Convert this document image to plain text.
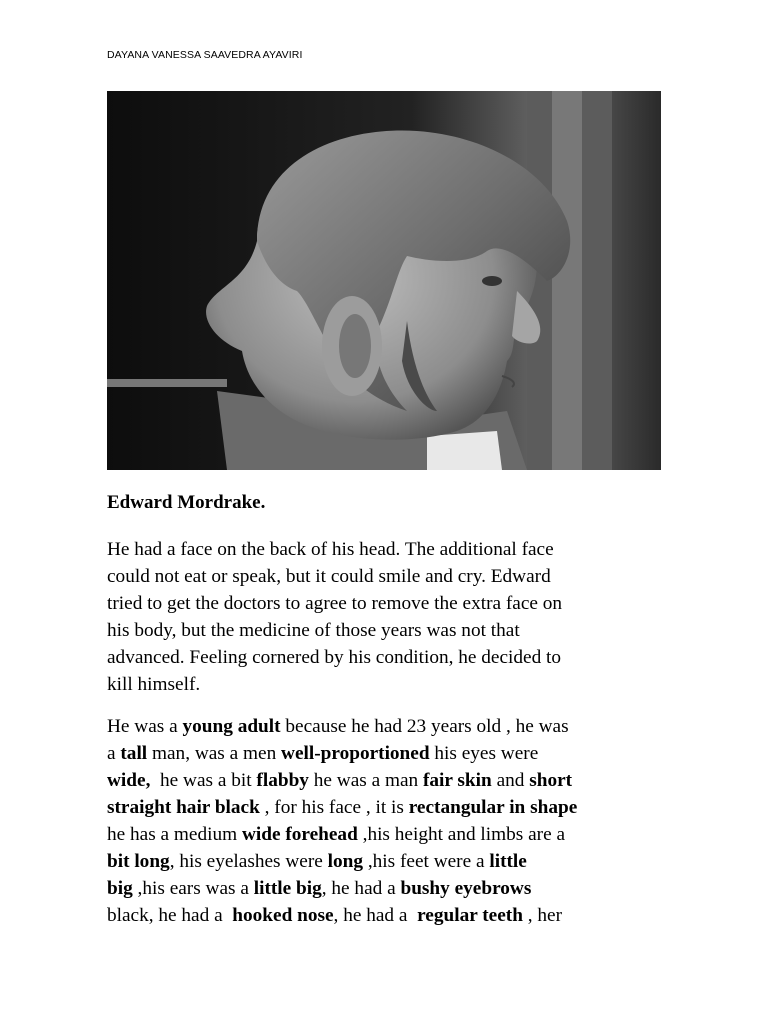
DAYANA VANESSA SAAVEDRA AYAVIRI
Edward Mordrake.
He had a face on the back of his head. The additional face
could not eat or speak, but it could smile and cry. Edward
tried to get the doctors to agree to remove the extra face on
his body, but the medicine of those years was not that
advanced. Feeling cornered by his condition, he decided to
kill himself.
He was a young adult because he had 23 years old , he was
a tall man, was a men well-proportioned his eyes were
wide,  he was a bit flabby he was a man fair skin and short
straight hair black , for his face , it is rectangular in shape
he has a medium wide forehead ,his height and limbs are a
bit long, his eyelashes were long ,his feet were a little
big ,his ears was a little big, he had a bushy eyebrows
black, he had a  hooked nose, he had a  regular teeth , her
